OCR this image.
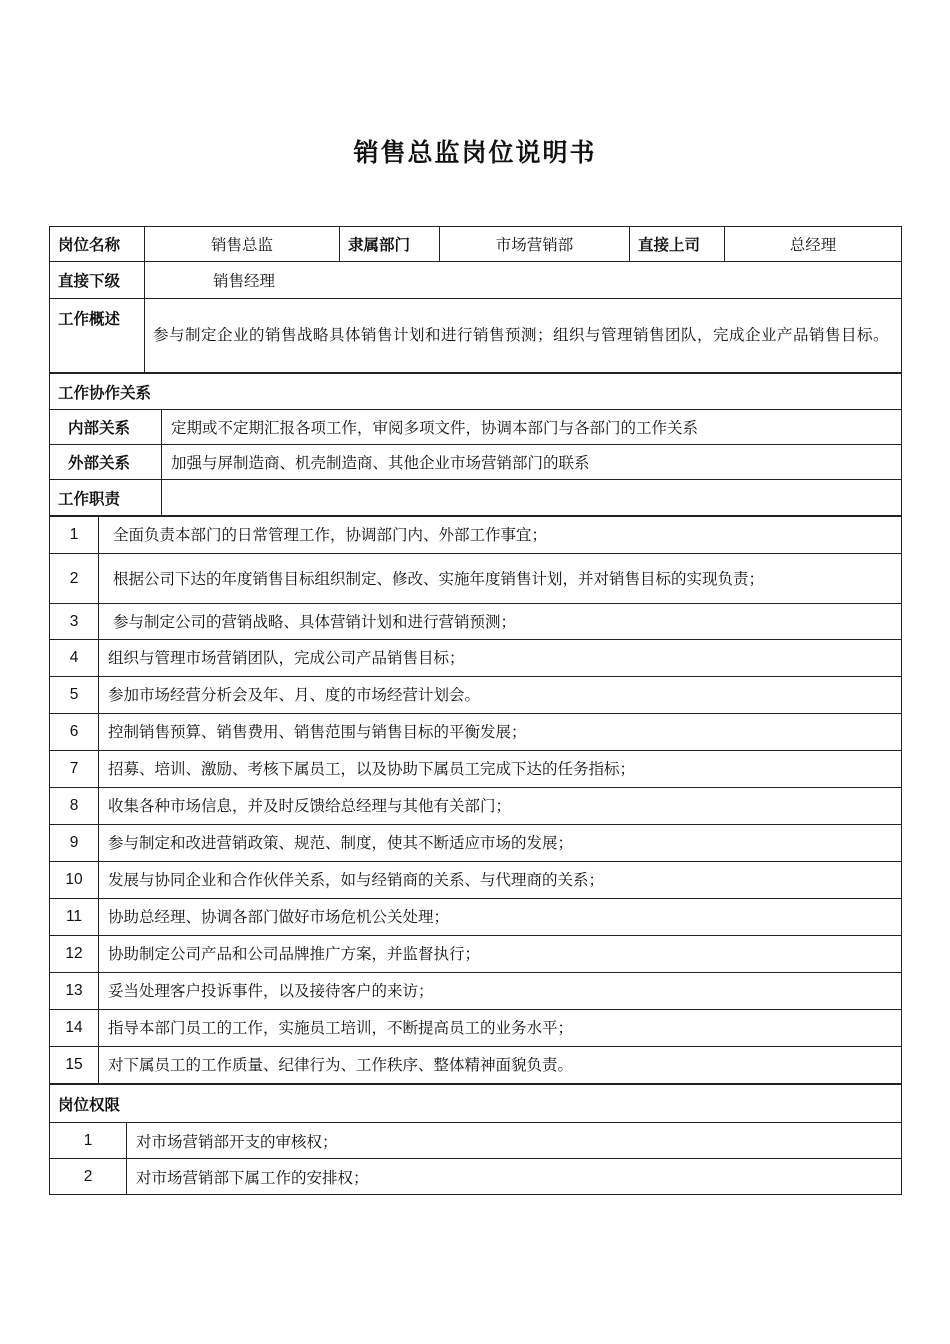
销售总监岗位说明书
岗位名称	销售总监	隶属部门	市场营销部	直接上司	总经理
直接下级	销售经理				
工作概述	参与制定企业的销售战略具体销售计划和进行销售预测；组织与管理销售团队，完成企业产品销售目标。				
工作协作关系	
内部关系	定期或不定期汇报各项工作，审阅多项文件，协调本部门与各部门的工作关系
外部关系	加强与屏制造商、机壳制造商、其他企业市场营销部门的联系
工作职责	
1	全面负责本部门的日常管理工作，协调部门内、外部工作事宜；
2	根据公司下达的年度销售目标组织制定、修改、实施年度销售计划，并对销售目标的实现负责；
3	参与制定公司的营销战略、具体营销计划和进行营销预测；
4	组织与管理市场营销团队，完成公司产品销售目标；
5	参加市场经营分析会及年、月、度的市场经营计划会。
6	控制销售预算、销售费用、销售范围与销售目标的平衡发展；
7	招募、培训、激励、考核下属员工，以及协助下属员工完成下达的任务指标；
8	收集各种市场信息，并及时反馈给总经理与其他有关部门；
9	参与制定和改进营销政策、规范、制度，使其不断适应市场的发展；
10	发展与协同企业和合作伙伴关系，如与经销商的关系、与代理商的关系；
11	协助总经理、协调各部门做好市场危机公关处理；
12	协助制定公司产品和公司品牌推广方案，并监督执行；
13	妥当处理客户投诉事件，以及接待客户的来访；
14	指导本部门员工的工作，实施员工培训，不断提高员工的业务水平；
15	对下属员工的工作质量、纪律行为、工作秩序、整体精神面貌负责。
岗位权限	
1	对市场营销部开支的审核权；
2	对市场营销部下属工作的安排权；
